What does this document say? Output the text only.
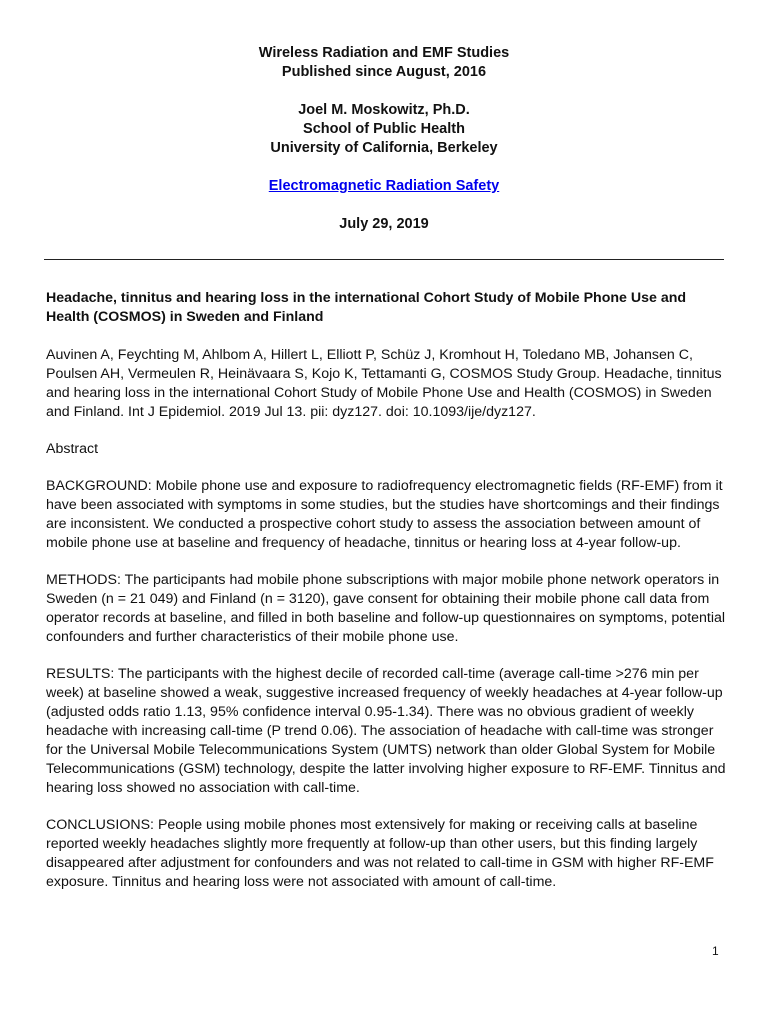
Wireless Radiation and EMF Studies
Published since August, 2016
Joel M. Moskowitz, Ph.D.
School of Public Health
University of California, Berkeley
Electromagnetic Radiation Safety
July 29, 2019

Headache, tinnitus and hearing loss in the international Cohort Study of Mobile Phone Use and Health (COSMOS) in Sweden and Finland

Auvinen A, Feychting M, Ahlbom A, Hillert L, Elliott P, Schüz J, Kromhout H, Toledano MB, Johansen C, Poulsen AH, Vermeulen R, Heinävaara S, Kojo K, Tettamanti G, COSMOS Study Group. Headache, tinnitus and hearing loss in the international Cohort Study of Mobile Phone Use and Health (COSMOS) in Sweden and Finland. Int J Epidemiol. 2019 Jul 13. pii: dyz127. doi: 10.1093/ije/dyz127.

Abstract

BACKGROUND: Mobile phone use and exposure to radiofrequency electromagnetic fields (RF-EMF) from it have been associated with symptoms in some studies, but the studies have shortcomings and their findings are inconsistent. We conducted a prospective cohort study to assess the association between amount of mobile phone use at baseline and frequency of headache, tinnitus or hearing loss at 4-year follow-up.

METHODS: The participants had mobile phone subscriptions with major mobile phone network operators in Sweden (n = 21 049) and Finland (n = 3120), gave consent for obtaining their mobile phone call data from operator records at baseline, and filled in both baseline and follow-up questionnaires on symptoms, potential confounders and further characteristics of their mobile phone use.

RESULTS: The participants with the highest decile of recorded call-time (average call-time >276 min per week) at baseline showed a weak, suggestive increased frequency of weekly headaches at 4-year follow-up (adjusted odds ratio 1.13, 95% confidence interval 0.95-1.34). There was no obvious gradient of weekly headache with increasing call-time (P trend 0.06). The association of headache with call-time was stronger for the Universal Mobile Telecommunications System (UMTS) network than older Global System for Mobile Telecommunications (GSM) technology, despite the latter involving higher exposure to RF-EMF. Tinnitus and hearing loss showed no association with call-time.

CONCLUSIONS: People using mobile phones most extensively for making or receiving calls at baseline reported weekly headaches slightly more frequently at follow-up than other users, but this finding largely disappeared after adjustment for confounders and was not related to call-time in GSM with higher RF-EMF exposure. Tinnitus and hearing loss were not associated with amount of call-time.

1
